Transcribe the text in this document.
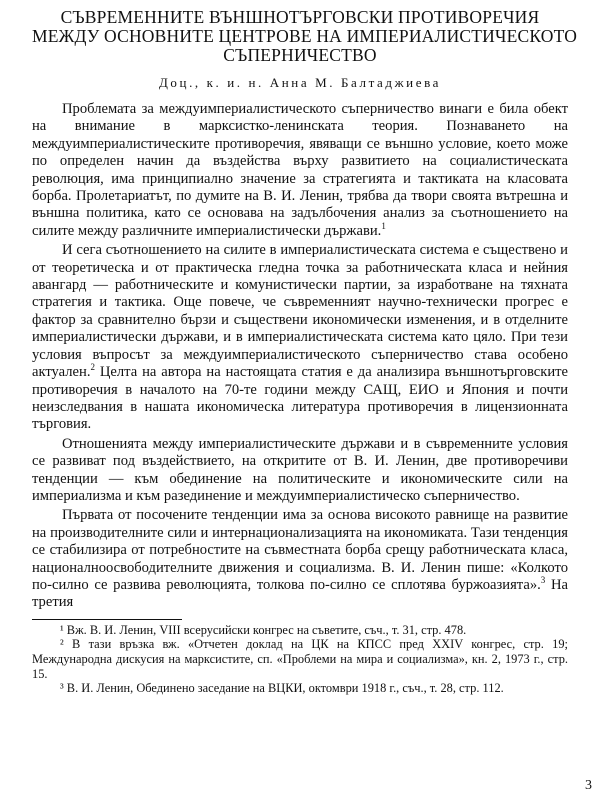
СЪВРЕМЕННИТЕ ВЪНШНОТЪРГОВСКИ ПРОТИВОРЕЧИЯ
МЕЖДУ ОСНОВНИТЕ ЦЕНТРОВЕ НА ИМПЕРИАЛИСТИЧЕСКОТО
СЪПЕРНИЧЕСТВО
Доц., к. и. н. Анна М. Балтаджиева

Проблемата за междуимпериалистическото съперничество винаги е била обект на внимание в марксистко-ленинската теория. Познаването на междуимпериалистическите противоречия, явяващи се външно условие, което може по определен начин да въздейства върху развитието на социалистическата революция, има принципиално значение за стратегията и тактиката на класовата борба. Пролетариатът, по думите на В. И. Ленин, трябва да твори своята вътрешна и външна политика, като се основава на задълбочения анализ за съотношението на силите между различните империалистически държави.$^1$

И сега съотношението на силите в империалистическата система е съществено и от теоретическа и от практическа гледна точка за работническата класа и нейния авангард — работническите и комунистически партии, за изработване на тяхната стратегия и тактика. Още повече, че съвременният научно-технически прогрес е фактор за сравнително бързи и съществени икономически изменения, и в отделните империалистически държави, и в империалистическата система като цяло. При тези условия въпросът за междуимпериалистическото съперничество става особено актуален.$^2$ Целта на автора на настоящата статия е да анализира външнотърговските противоречия в началото на 70-те години между САЩ, ЕИО и Япония и почти неизследвания в нашата икономическа литература противоречия в лицензионната търговия.

Отношенията между империалистическите държави и в съвременните условия се развиват под въздействието, на откритите от В. И. Ленин, две противоречиви тенденции — към обединение на политическите и икономическите сили на империализма и към разединение и междуимпериалистическо съперничество.

Първата от посочените тенденции има за основа високото равнище на развитие на производителните сили и интернационализацията на икономиката. Тази тенденция се стабилизира от потребностите на съвместната борба срещу работническата класа, националноосвободителните движения и социализма. В. И. Ленин пише: «Колкото по-силно се развива революцията, толкова по-силно се сплотява буржоазията».$^3$ На третия

¹ Вж. В. И. Ленин, VIII всерусийски конгрес на съветите, съч., т. 31, стр. 478.

² В тази връзка вж. «Отчетен доклад на ЦК на КПСС пред XXIV конгрес, стр. 19; Международна дискусия на марксистите, сп. «Проблеми на мира и социализма», кн. 2, 1973 г., стр. 15.

³ В. И. Ленин, Обединено заседание на ВЦКИ, октомври 1918 г., съч., т. 28, стр. 112.

3
